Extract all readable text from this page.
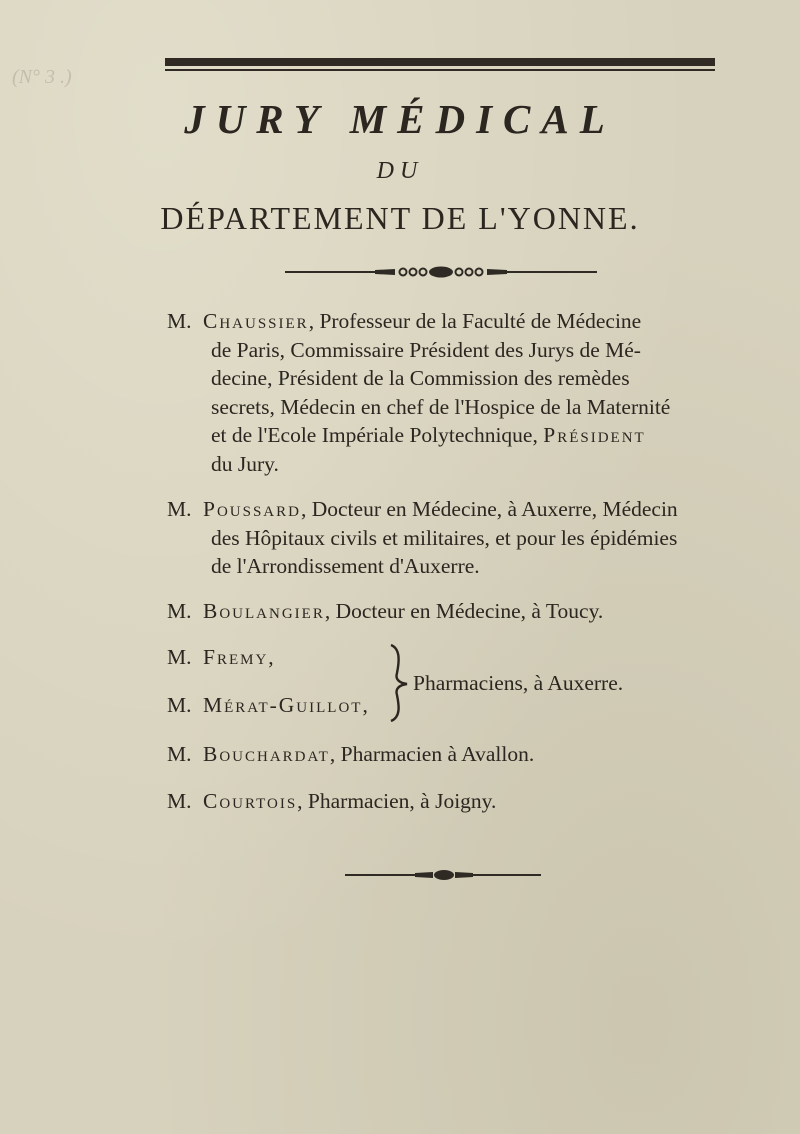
(N° 3 .)
JURY MÉDICAL
DU
DÉPARTEMENT DE L'YONNE.
M. Chaussier, Professeur de la Faculté de Médecine
de Paris, Commissaire Président des Jurys de Mé-
decine, Président de la Commission des remèdes
secrets, Médecin en chef de l'Hospice de la Maternité
et de l'Ecole Impériale Polytechnique, Président
du Jury.
M. Poussard, Docteur en Médecine, à Auxerre, Médecin
des Hôpitaux civils et militaires, et pour les épidémies
de l'Arrondissement d'Auxerre.
M. Boulangier, Docteur en Médecine, à Toucy.
M. Fremy,
M. Mérat-Guillot,
Pharmaciens, à Auxerre.
M. Bouchardat, Pharmacien à Avallon.
M. Courtois, Pharmacien, à Joigny.
